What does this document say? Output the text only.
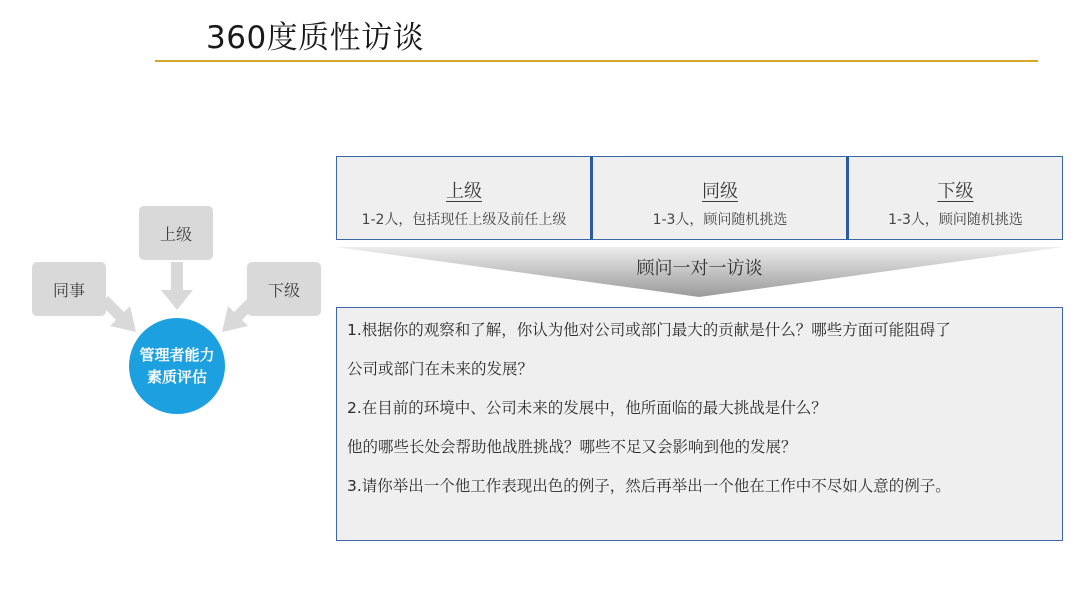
360度质性访谈
上级
同事	下级
管理者能力素质评估
上级
1-2人，包括现任上级及前任上级
同级
1-3人，顾问随机挑选
下级
1-3人，顾问随机挑选
顾问一对一访谈
1.根据你的观察和了解，你认为他对公司或部门最大的贡献是什么？哪些方面可能阻碍了
公司或部门在未来的发展？
2.在目前的环境中、公司未来的发展中，他所面临的最大挑战是什么？
他的哪些长处会帮助他战胜挑战？哪些不足又会影响到他的发展？
3.请你举出一个他工作表现出色的例子，然后再举出一个他在工作中不尽如人意的例子。
